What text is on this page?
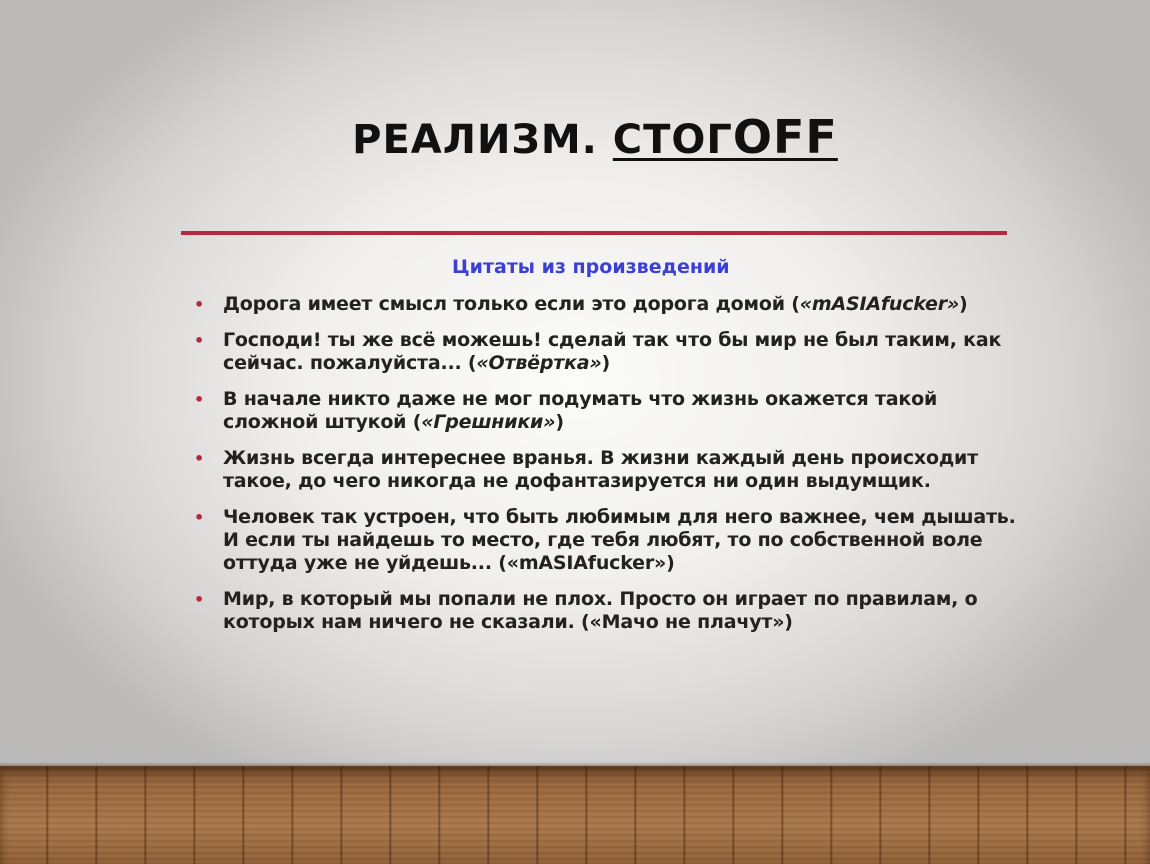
РЕАЛИЗМ. СТОГOFF
Цитаты из произведений
• Дорога имеет смысл только если это дорога домой («mASIAfucker»)
• Господи! ты же всё можешь! сделай так что бы мир не был таким, как сейчас. пожалуйста... («Отвёртка»)
• В начале никто даже не мог подумать что жизнь окажется такой сложной штукой («Грешники»)
• Жизнь всегда интереснее вранья. В жизни каждый день происходит такое, до чего никогда не дофантазируется ни один выдумщик.
• Человек так устроен, что быть любимым для него важнее, чем дышать. И если ты найдешь то место, где тебя любят, то по собственной воле оттуда уже не уйдешь... («mASIAfucker»)
• Мир, в который мы попали не плох. Просто он играет по правилам, о которых нам ничего не сказали. («Мачо не плачут»)
